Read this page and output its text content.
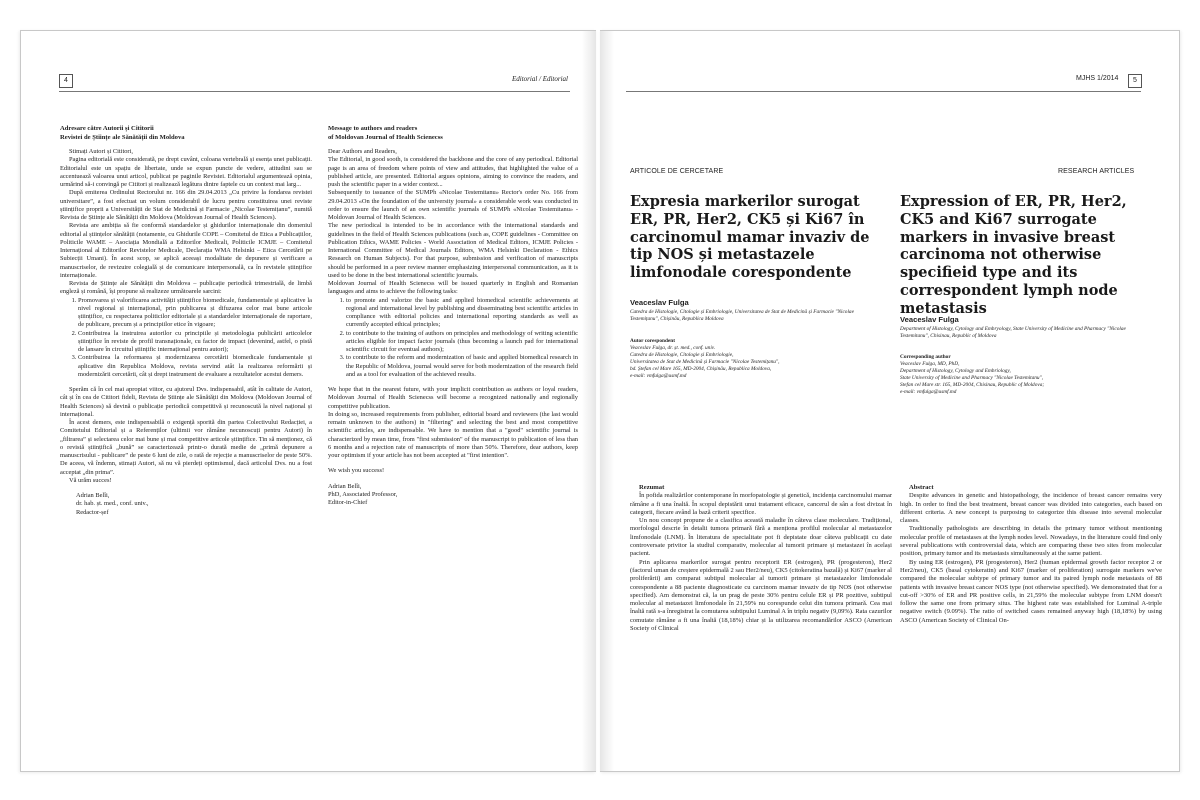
4	Editorial / Editorial
Adresare către Autorii și Cititorii
Revistei de Științe ale Sănătății din Moldova

Stimați Autori și Cititori,

Pagina editorială este considerată, pe drept cuvânt, coloana vertebrală și esența unei publicații. Editorialul este un spațiu de libertate, unde se expun puncte de vedere, atitudini sau se accentuează valoarea unui articol, publicat pe paginile Revistei. Editorialul argumentează opinia, urmărind să-i convingă pe Cititori și realizează legătura dintre faptele cu un context mai larg...

După emiterea Ordinului Rectorului nr. 166 din 29.04.2013 „Cu privire la fondarea revistei universitare”, a fost efectuat un volum considerabil de lucru pentru constituirea unei reviste științifice proprii a Universității de Stat de Medicină și Farmacie „Nicolae Testemițanu”, numită Revista de Științe ale Sănătății din Moldova (Moldovan Journal of Health Sciences).

Revista are ambiția să fie conformă standardelor și ghidurilor internaționale din domeniul editorial al științelor sănătății (notamente, cu Ghidurile COPE – Comitetul de Etica a Publicațiilor, Politicile WAME – Asociația Mondială a Editorilor Medicali, Politicile ICMJE – Comitetul Internațional al Editorilor Revistelor Medicale, Declarația WMA Helsinki – Etica Cercetării pe Subiecții Umani). În acest scop, se aplică aceeași modalitate de depunere și verificare a manuscriselor, de revizuire colegială și de comunicare interpersonală, ca în revistele științifice internaționale.

Revista de Științe ale Sănătății din Moldova – publicație periodică trimestrială, de limbă engleză și română, își propune să realizeze următoarele sarcini:

1. Promovarea și valorificarea activității științifice biomedicale, fundamentale și aplicative la nivel regional și internațional, prin publicarea și difuzarea celor mai bune articole științifice, cu respectarea politicilor editoriale și a standardelor internaționale de raportare, de publicare, precum și a principiilor etice în vigoare;
2. Contribuirea la instruirea autorilor cu principiile și metodologia publicării articolelor științifice în reviste de profil transnaționale, cu factor de impact (devenind, astfel, o pistă de lansare în circuitul științific internațional pentru autori);
3. Contribuirea la reformarea și modernizarea cercetării biomedicale fundamentale și aplicative din Republica Moldova, revista servind atât la realizarea reformării și modernizării cercetării, cât și drept instrument de evaluare a rezultatelor acestui demers.

Sperăm că în cel mai apropiat viitor, cu ajutorul Dvs. indispensabil, atât în calitate de Autori, cât și în cea de Cititori fideli, Revista de Științe ale Sănătății din Moldova (Moldovan Journal of Health Sciences) să devină o publicație periodică competitivă și recunoscută la nivel național și internațional.

În acest demers, este indispensabilă o exigență sporită din partea Colectivului Redacției, a Comitetului Editorial și a Referenților (ultimii vor rămâne necunoscuți pentru Autori) în „filtrarea” și selectarea celor mai bune și mai competitive articole științifice. Tin să menționez, că o revistă științifică „bună” se caracterizează printr-o durată medie de „primă depunere a manuscrisului - publicare” de peste 6 luni de zile, o rată de rejecție a manuscriselor de peste 50%. De aceea, vă îndemn, stimați Autori, să nu vă pierdeți optimismul, dacă articolul Dvs. nu a fost acceptat „din prima”.

Vă urăm succes!

Adrian Belîi,

dr. hab. șt. med., conf. univ.,

Redactor-șef

Message to authors and readers
of Moldovan Journal of Health Scienecss

Dear Authors and Readers,

The Editorial, in good sooth, is considered the backbone and the core of any periodical. Editorial page is an area of freedom where points of view and attitudes, that highlighted the value of a published article, are presented. Editorial argues opinions, aiming to convince the readers, and push the scientific paper in a wider context...

Subsequently to issuance of the SUMPh «Nicolae Testemitanu» Rector's order No. 166 from 29.04.2013 «On the foundation of the university journal» a considerable work was conducted in order to ensure the launch of an own scientific journals of SUMPh «Nicolae Testemitanu» - Moldovan Journal of Health Sciences.

The new periodical is intended to be in accordance with the international standards and guidelines in the field of Health Sciences publications (such as, COPE guidelines - Committee on Publication Ethics, WAME Policies - World Association of Medical Editors, ICMJE Policies - International Committee of Medical Journals Editors, WMA Helsinki Declaration - Ethics Research on Human Subjects). For that purpose, submission and verification of manuscripts should be performed in a peer review manner emphasizing interpersonal communication, as it is used to be done in the best international scientific journals.

Moldovan Journal of Health Scienecss will be issued quarterly in English and Romanian languages and aims to achieve the following tasks:

1. to promote and valorize the basic and applied biomedical scientific achievements at regional and international level by publishing and disseminating best scientific articles in compliance with editorial policies and international reporting standards as well as currently accepted ethical principles;
2. to contribute to the training of authors on principles and methodology of writing scientific articles eligible for impact factor journals (thus becoming a launch pad for international scientific circuit for eventual authors);
3. to contribute to the reform and modernization of basic and applied biomedical research in the Republic of Moldova, journal would serve for both modernization of the research field and as a tool for evaluation of the achieved results.

We hope that in the nearest future, with your implicit contribution as authors or loyal readers, Moldovan Journal of Health Scienecss will become a recognized nationally and regionally competitive publication.

In doing so, increased requirements from publisher, editorial board and reviewers (the last would remain unknown to the authors) in "filtering" and selecting the best and most competitive scientific articles, are indispensable. We have to mention that a "good" scientific journal is characterized by mean time, from "first submission" of the manuscript to publication of less than 6 months and a rejection rate of manuscripts of more than 50%. Therefore, dear authors, keep your optimism if your article has not been accepted at "first intention".

We wish you success!

Adrian Belîi,

PhD, Associated Professor,

Editor-in-Chief

MJHS 1/2014	5
ARTICOLE DE CERCETARE
Expresia markerilor surogat ER, PR, Her2, CK5 și Ki67 în carcinomul mamar invaziv de tip NOS și metastazele limfonodale corespondente
Veaceslav Fulga
Catedra de Histologie, Citologie și Embriologie, Universitatea de Stat de Medicină și Farmacie "Nicolae Testemițanu", Chișinău, Republica Moldova
Autor corespondent
Veaceslav Fulga, dr. șt. med., conf. univ.
Catedra de Histologie, Citologie și Embriologie,
Universitatea de Stat de Medicină și Farmacie "Nicolae Testemițanu",
bd. Ștefan cel Mare 165, MD-2004, Chișinău, Republica Moldova,
e-mail: vmfulga@usmf.md
RESEARCH ARTICLES
Expression of ER, PR, Her2, CK5 and Ki67 surrogate markers in invasive breast carcinoma not otherwise specifieid type and its correspondent lymph node metastasis
Veaceslav Fulga
Department of Histology, Cytology and Embryology, State University of Medicine and Pharmacy "Nicolae Testemitanu", Chisinau, Republic of Moldova
Corresponding author
Veaceslav Fulga, MD, PhD,
Department of Histology, Cytology and Embriology,
State University of Medicine and Pharmacy "Nicolae Testemitanu",
Stefan cel Mare str. 165, MD-2004, Chisinau, Republic of Moldova;
e-mail: vmfulga@usmf.md
Rezumat

În pofida realizărilor contemporane în morfopatologie și genetică, incidența carcinomului mamar rămâne a fi una înaltă. În scopul depistării unui tratament eficace, cancerul de sân a fost divizat în categorii, fiecare având la bază criterii specifice.

Un nou concept propune de a clasifica această maladie în câteva clase moleculare. Tradițional, morfologul descrie în detalii tumora primară fără a menționa profilul molecular al metastazelor limfonodale (LNM). În literatura de specialitate pot fi depistate doar câteva publicații cu date controversate privitor la studiul comparativ, molecular al tumorii primare și metastazei în același pacient.

Prin aplicarea markerilor surogat pentru receptorii ER (estrogen), PR (progesteron), Her2 (factorul uman de creștere epidermală 2 sau Her2/neu), CK5 (citokeratina bazală) și Ki67 (marker al proliferării) am comparat subtipul molecular al tumorii primare și metastazelor limfonodale corespondente a 88 paciente diagnosticate cu carcinom mamar invaziv de tip NOS (not otherwise specified). Am demonstrat că, la un prag de peste 30% pentru celule ER și PR pozitive, subtipul molecular al metastazei limfonodale în 21,59% nu corespunde celui din tumora primară. Cea mai înaltă rată s-a înregistrat la comutarea subtipului Luminal A în triplu negativ (9,09%). Rata cazurilor comutate rămâne a fi una înaltă (18,18%) chiar și la utilizarea recomandărilor ASCO (American Society of Clinical

Abstract

Despite advances in genetic and histopathology, the incidence of breast cancer remains very high. In order to find the best treatment, breast cancer was divided into categories, each based on different criteria. A new concept is purposing to categorize this disease into several molecular classes.

Traditionally pathologists are describing in details the primary tumor without mentioning molecular profile of metastases at the lymph nodes level. Nowadays, in the literature could find only several publications with controversial data, which are comparing these two sites from molecular position, primary tumor and its metastasis simultaneously at the same patient.

By using ER (estrogen), PR (progesteron), Her2 (human epidermal growth factor receptor 2 or Her2/neu), CK5 (basal cytokeratin) and Ki67 (marker of proliferation) surrogate markers we've compared the molecular subtype of primary tumor and its paired lymph node metastasis of 88 patients with invasive breast cancer NOS type (not otherwise specified). We demonstrated that for a cut-off >30% of ER and PR positive cells, in 21,59% the molecular subtype from LNM doesn't follow the same one from primary situs. The highest rate was established for Luminal A-triple negative switch (9.09%). The ratio of switched cases remained anyway high (18,18%) by using ASCO (American Society of Clinical On-
